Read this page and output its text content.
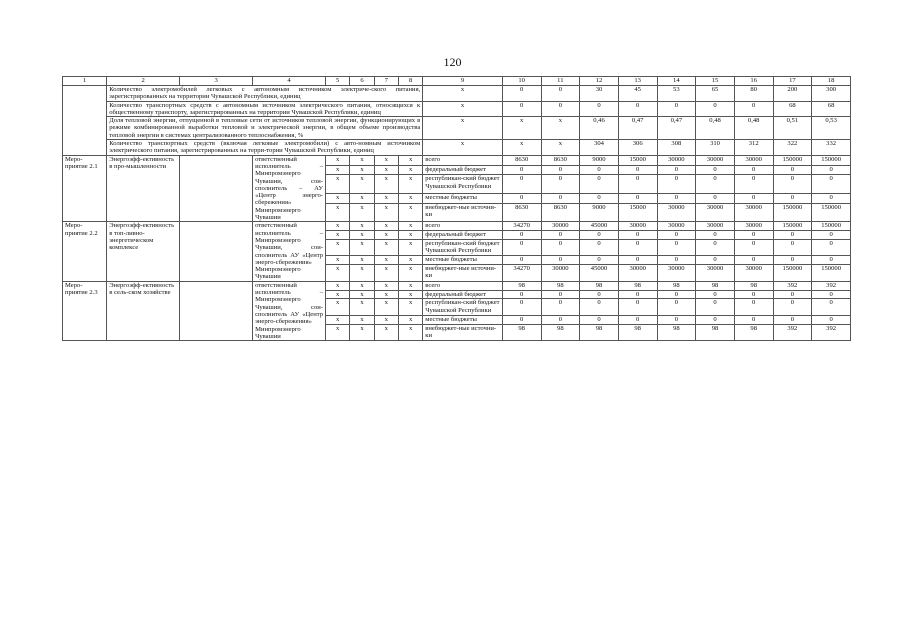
120
1	2	3	4	5	6	7	8	9	10	11	12	13	14	15	16	17	18
	Количество электромобилей легковых с автономным источником электриче-ского питания, зарегистрированных на территории Чувашской Республики, единиц							х	0	0	30	45	53	65	80	200	300
	Количество транспортных средств с автономным источником электрического питания, относящихся к общественному транспорту, зарегистрированных на территории Чувашской Республики, единиц							х	0	0	0	0	0	0	0	68	68
	Доля тепловой энергии, отпущенной в тепловые сети от источников тепловой энергии, функционирующих в режиме комбинированной выработки тепловой и электрической энергии, в общем объеме производства тепловой энергии в системах централизованного теплоснабжения, %							х	х	х	0,46	0,47	0,47	0,48	0,48	0,51	0,53
	Количество транспортных средств (включая легковые электромобили) с авто-номным источником электрического питания, зарегистрированных на терри-тории Чувашской Республики, единиц							х	х	х	304	306	308	310	312	322	332
Меро-приятие 2.1	Энергоэфф-ективность в про-мышленности		ответственный исполнитель – Минпромэнерго Чувашии, сои-сполнитель – АУ «Центр энерго-сбережения» Минпромэнерго Чувашии	х	х	х	х	всего	8630	8630	9000	15000	30000	30000	30000	150000	150000
				х	х	х	х	федеральный бюджет	0	0	0	0	0	0	0	0	0
				х	х	х	х	республикан-ский бюджет Чувашской Республики	0	0	0	0	0	0	0	0	0
				х	х	х	х	местные бюджеты	0	0	0	0	0	0	0	0	0
				х	х	х	х	внебюджет-ные источни-ки	8630	8630	9000	15000	30000	30000	30000	150000	150000
Меро-приятие 2.2	Энергоэфф-ективность в топ-ливно-энергетическом комплексе		ответственный исполнитель – Минпромэнерго Чувашии, сои-сполнитель АУ «Центр энерго-сбережения» Минпромэнерго Чувашии	х	х	х	х	всего	34270	30000	45000	30000	30000	30000	30000	150000	150000
				х	х	х	х	федеральный бюджет	0	0	0	0	0	0	0	0	0
				х	х	х	х	республикан-ский бюджет Чувашской Республики	0	0	0	0	0	0	0	0	0
				х	х	х	х	местные бюджеты	0	0	0	0	0	0	0	0	0
				х	х	х	х	внебюджет-ные источни-ки	34270	30000	45000	30000	30000	30000	30000	150000	150000
Меро-приятие 2.3	Энергоэфф-ективность в сель-ском хозяйстве		ответственный исполнитель – Минпромэнерго Чувашии, сои-сполнитель АУ «Центр энерго-сбережения» Минпромэнерго Чувашии	х	х	х	х	всего	98	98	98	98	98	98	98	392	392
				х	х	х	х	федеральный бюджет	0	0	0	0	0	0	0	0	0
				х	х	х	х	республикан-ский бюджет Чувашской Республики	0	0	0	0	0	0	0	0	0
				х	х	х	х	местные бюджеты	0	0	0	0	0	0	0	0	0
				х	х	х	х	внебюджет-ные источни-ки	98	98	98	98	98	98	98	392	392
